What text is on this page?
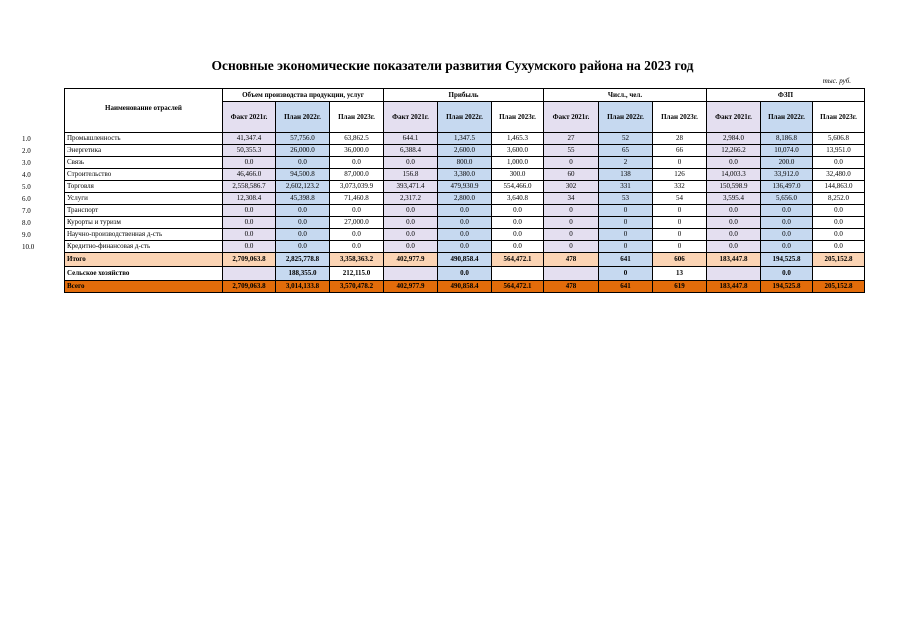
Основные экономические показатели развития Сухумского района на 2023 год
тыс. руб.
1.0
2.0
3.0
4.0
5.0
6.0
7.0
8.0
9.0
10.0
Наименование отраслей	Объем производства продукции, услуг			Прибыль			Числ., чел.			ФЗП		
	Факт 2021г.	План 2022г.	План 2023г.	Факт 2021г.	План 2022г.	План 2023г.	Факт 2021г.	План 2022г.	План 2023г.	Факт 2021г.	План 2022г.	План 2023г.
Промышленность	41,347.4	57,756.0	63,862.5	644.1	1,347.5	1,465.3	27	52	28	2,984.0	8,186.8	5,606.8
Энергетика	50,355.3	26,000.0	36,000.0	6,388.4	2,600.0	3,600.0	55	65	66	12,266.2	10,074.0	13,951.0
Связь	0.0	0.0	0.0	0.0	800.0	1,000.0	0	2	0	0.0	200.0	0.0
Строительство	46,466.0	94,500.8	87,000.0	156.8	3,380.0	300.0	60	138	126	14,003.3	33,912.0	32,480.0
Торговля	2,558,586.7	2,602,123.2	3,073,039.9	393,471.4	479,930.9	554,466.0	302	331	332	150,598.9	136,497.0	144,863.0
Услуги	12,308.4	45,398.8	71,460.8	2,317.2	2,800.0	3,640.8	34	53	54	3,595.4	5,656.0	8,252.0
Транспорт	0.0	0.0	0.0	0.0	0.0	0.0	0	0	0	0.0	0.0	0.0
Курорты и туризм	0.0	0.0	27,000.0	0.0	0.0	0.0	0	0	0	0.0	0.0	0.0
Научно-производственная д-сть	0.0	0.0	0.0	0.0	0.0	0.0	0	0	0	0.0	0.0	0.0
Кредитно-финансовая д-сть	0.0	0.0	0.0	0.0	0.0	0.0	0	0	0	0.0	0.0	0.0
Итого	2,709,063.8	2,825,778.8	3,358,363.2	402,977.9	490,858.4	564,472.1	478	641	606	183,447.8	194,525.8	205,152.8
Сельское хозяйство		188,355.0	212,115.0		0.0			0	13		0.0	
Всего	2,709,063.8	3,014,133.8	3,570,478.2	402,977.9	490,858.4	564,472.1	478	641	619	183,447.8	194,525.8	205,152.8
